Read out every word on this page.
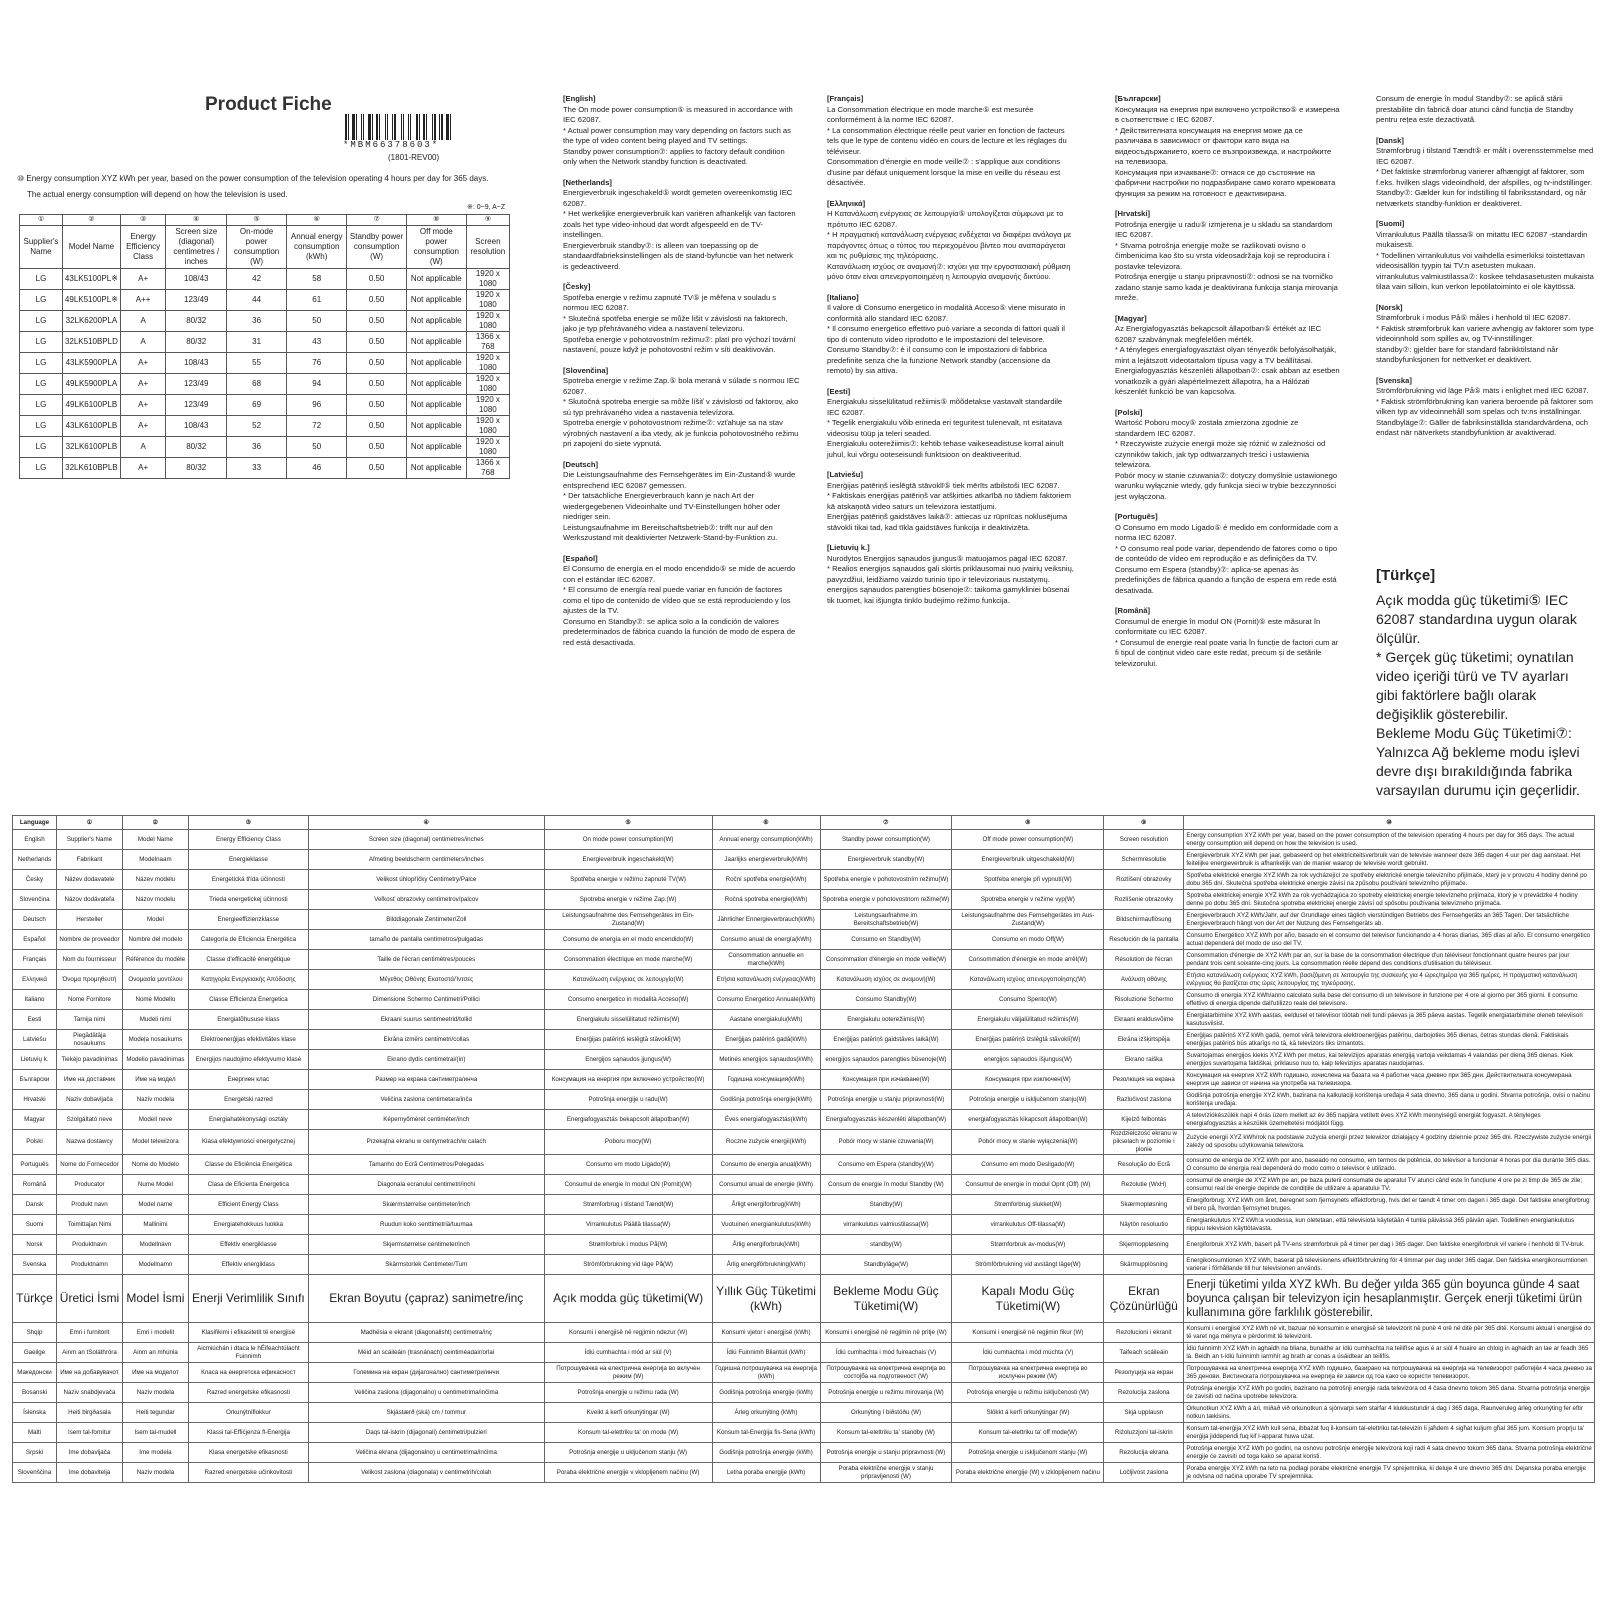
Product Fiche
*MBM66378603*
(1801-REV00)
⑩ Energy consumption XYZ kWh per year, based on the power consumption of the television operating 4 hours per day for 365 days.
The actual energy consumption will depend on how the television is used.
※: 0~9, A~Z
①	②	③	④	⑤	⑥	⑦	⑧	⑨
Supplier's Name	Model Name	Energy Efficiency Class	Screen size (diagonal) centimetres / inches	On-mode power consumption (W)	Annual energy consumption (kWh)	Standby power consumption (W)	Off mode power consumption (W)	Screen resolution
LG	43LK5100PL※	A+	108/43	42	58	0.50	Not applicable	1920 x 1080
LG	49LK5100PL※	A++	123/49	44	61	0.50	Not applicable	1920 x 1080
LG	32LK6200PLA	A	80/32	36	50	0.50	Not applicable	1920 x 1080
LG	32LK510BPLD	A	80/32	31	43	0.50	Not applicable	1366 x 768
LG	43LK5900PLA	A+	108/43	55	76	0.50	Not applicable	1920 x 1080
LG	49LK5900PLA	A+	123/49	68	94	0.50	Not applicable	1920 x 1080
LG	49LK6100PLB	A+	123/49	69	96	0.50	Not applicable	1920 x 1080
LG	43LK6100PLB	A+	108/43	52	72	0.50	Not applicable	1920 x 1080
LG	32LK6100PLB	A	80/32	36	50	0.50	Not applicable	1920 x 1080
LG	32LK610BPLB	A+	80/32	33	46	0.50	Not applicable	1366 x 768
[English]

The On mode power consumption⑤ is measured in accordance with IEC 62087.

* Actual power consumption may vary depending on factors such as the type of video content being played and TV settings.

Standby power consumption⑦: applies to factory default condition only when the Network standby function is deactivated.

[Netherlands]

Energieverbruik ingeschakeld⑤ wordt gemeten overeenkomstig IEC 62087.

* Het werkelijke energieverbruik kan variëren afhankelijk van factoren zoals het type video-inhoud dat wordt afgespeeld en de TV-instellingen.

Energieverbruik standby⑦: is alleen van toepassing op de standaardfabrieksinstellingen als de stand-byfunctie van het netwerk is gedeactiveerd.

[Česky]

Spotřeba energie v režimu zapnuté TV⑤ je měřena v souladu s normou IEC 62087.

* Skutečná spotřeba energie se může lišit v závislosti na faktorech, jako je typ přehrávaného videa a nastavení televizoru.

Spotřeba energie v pohotovostním režimu⑦: platí pro výchozí tovární nastavení, pouze když je pohotovostní režim v síti deaktivován.

[Slovenčina]

Spotreba energie v režime Zap.⑤ bola meraná v súlade s normou IEC 62087.

* Skutočná spotreba energie sa môže líšiť v závislosti od faktorov, ako sú typ prehrávaného videa a nastavenia televízora.

Spotreba energie v pohotovostnom režime⑦: vzťahuje sa na stav výrobných nastavení a iba vtedy, ak je funkcia pohotovostného režimu pri zapojení do siete vypnutá.

[Deutsch]

Die Leistungsaufnahme des Fernsehgerätes im Ein-Zustand⑤ wurde entsprechend IEC 62087 gemessen.

* Der tatsächliche Energieverbrauch kann je nach Art der wiedergegebenen Videoinhalte und TV-Einstellungen höher oder niedriger sein.

Leistungsaufnahme im Bereitschaftsbetrieb⑦: trifft nur auf den Werkszustand mit deaktivierter Netzwerk-Stand-by-Funktion zu.

[Español]

El Consumo de energía en el modo encendido⑤ se mide de acuerdo con el estándar IEC 62087.

* El consumo de energía real puede variar en función de factores como el tipo de contenido de vídeo que se está reproduciendo y los ajustes de la TV.

Consumo en Standby⑦: se aplica solo a la condición de valores predeterminados de fábrica cuando la función de modo de espera de red está desactivada.

[Français]

La Consommation électrique en mode marche⑤ est mesurée conformément à la norme IEC 62087.

* La consommation électrique réelle peut varier en fonction de facteurs tels que le type de contenu vidéo en cours de lecture et les réglages du téléviseur.

Consommation d'énergie en mode veille⑦ : s'applique aux conditions d'usine par défaut uniquement lorsque la mise en veille du réseau est désactivée.

[Ελληνικά]

Η Κατανάλωση ενέργειας σε λειτουργία⑤ υπολογίζεται σύμφωνα με το πρότυπο IEC 62087.

* Η πραγματική κατανάλωση ενέργειας ενδέχεται να διαφέρει ανάλογα με παράγοντες όπως ο τύπος του περιεχομένου βίντεο που αναπαράγεται και τις ρυθμίσεις της τηλεόρασης.

Κατανάλωση ισχύος σε αναμονή⑦: ισχύει για την εργοστασιακή ρύθμιση μόνο όταν είναι απενεργοποιημένη η λειτουργία αναμονής δικτύου.

[Italiano]

Il valore di Consumo energetico in modalità Acceso⑤ viene misurato in conformità allo standard IEC 62087.

* Il consumo energetico effettivo può variare a seconda di fattori quali il tipo di contenuto video riprodotto e le impostazioni del televisore.

Consumo Standby⑦: è il consumo con le impostazioni di fabbrica predefinite senza che la funzione Network standby (accensione da remoto) by sia attiva.

[Eesti]

Energiakulu sisselülitatud režiimis⑤ mõõdetakse vastavalt standardile IEC 62087.

* Tegelik energiakulu võib erineda eri teguritest tulenevalt, nt esitatava videosisu tüüp ja teleri seaded.

Energiakulu ooterežiimis⑦: kehtib tehase vaikeseadistuse korral ainult juhul, kui võrgu ooteseisundi funktsioon on deaktiveeritud.

[Latviešu]

Enerģijas patēriņš ieslēgtā stāvoklī⑤ tiek mērīts atbilstoši IEC 62087.

* Faktiskais enerģijas patēriņš var atšķirties atkarībā no tādiem faktoriem kā atskaņotā video saturs un televizora iestatījumi.

Enerģijas patēriņš gaidstāves laikā⑦: attiecas uz rūpnīcas noklusējuma stāvokli tikai tad, kad tīkla gaidstāves funkcija ir deaktivizēta.

[Lietuvių k.]

Nurodytos Energijos sąnaudos įjungus⑤ matuojamos pagal IEC 62087.

* Realios energijos sąnaudos gali skirtis priklausomai nuo įvairių veiksnių, pavyzdžiui, leidžiamo vaizdo turinio tipo ir televizoriaus nustatymų.

energijos sąnaudos parengties būsenoje⑦: taikoma gamykliniei būsenai tik tuomet, kai išjungta tinklo budėjimo režimo funkcija.

[Български]

Консумация на енергия при включено устройство⑤ е измерена в съответствие с IEC 62087.

* Действителната консумация на енергия може да се различава в зависимост от фактори като вида на видеосъдържанието, което се възпроизвежда, и настройките на телевизора.

Консумация при изчакване⑦: отнася се до състояние на фабрични настройки по подразбиране само когато мрежовата функция за режим на готовност е деактивирана.

[Hrvatski]

Potrošnja energije u radu⑤ izmjerena je u skladu sa standardom IEC 62087.

* Stvarna potrošnja energije može se razlikovati ovisno o čimbenicima kao što su vrsta videosadržaja koji se reproducira i postavke televizora.

Potrošnja energije u stanju pripravnosti⑦: odnosi se na tvorničko zadano stanje samo kada je deaktivirana funkcija stanja mirovanja mreže.

[Magyar]

Az Energiafogyasztás bekapcsolt állapotban⑤ értékét az IEC 62087 szabványnak megfelelően mérték.

* A tényleges energiafogyasztást olyan tényezők befolyásolhatják, mint a lejátszott videotartalom típusa vagy a TV beállításai.

Energiafogyasztás készenléti állapotban⑦: csak abban az esetben vonatkozik a gyári alapértelmezett állapotra, ha a Hálózati készenlét funkció be van kapcsolva.

[Polski]

Wartość Poboru mocy⑤ została zmierzona zgodnie ze standardem IEC 62087.

* Rzeczywiste zużycie energii może się różnić w zależności od czynników takich, jak typ odtwarzanych treści i ustawienia telewizora.

Pobór mocy w stanie czuwania⑦: dotyczy domyślnie ustawionego warunku wyłącznie wtedy, gdy funkcja sieci w trybie bezczynności jest wyłączona.

[Português]

O Consumo em modo Ligado⑤ é medido em conformidade com a norma IEC 62087.

* O consumo real pode variar, dependendo de fatores como o tipo de conteúdo de vídeo em reprodução e as definições da TV.

Consumo em Espera (standby)⑦: aplica-se apenas às predefinições de fábrica quando a função de espera em rede está desativada.

[Română]

Consumul de energie în modul ON (Pornit)⑤ este măsurat în conformitate cu IEC 62087.

* Consumul de energie real poate varia în funcție de factori cum ar fi tipul de conținut video care este redat, precum și de setările televizorului.

Consum de energie în modul Standby⑦: se aplică stării prestabilite din fabrică doar atunci când funcția de Standby pentru rețea este dezactivată.

[Dansk]

Strømforbrug i tilstand Tændt⑤ er målt i overensstemmelse med IEC 62087.

* Det faktiske strømforbrug varierer afhængigt af faktorer, som f.eks. hvilken slags videoindhold, der afspilles, og tv-indstillinger.

Standby⑦: Gælder kun for indstilling til fabriksstandard, og når netværkets standby-funktion er deaktiveret.

[Suomi]

Virrankulutus Päällä tilassa⑤ on mitattu IEC 62087 -standardin mukaisesti.

* Todellinen virrankulutus voi vaihdella esimerkiksi toistettavan videosisällön tyypin tai TV:n asetusten mukaan.

virrankulutus valmiustilassa⑦: koskee tehdasasetusten mukaista tilaa vain silloin, kun verkon lepotilatoiminto ei ole käytössä.

[Norsk]

Strømforbruk i modus På⑤ måles i henhold til IEC 62087.

* Faktisk strømforbruk kan variere avhengig av faktorer som type videoinnhold som spilles av, og TV-innstillinger.

standby⑦: gjelder bare for standard fabrikktilstand når standbyfunksjonen for nettverket er deaktivert.

[Svenska]

Strömförbrukning vid läge På⑤ mäts i enlighet med IEC 62087.

* Faktisk strömförbrukning kan variera beroende på faktorer som vilken typ av videoinnehåll som spelas och tv:ns inställningar.

Standbyläge⑦: Gäller de fabriksinställda standardvärdena, och endast när nätverkets standbyfunktion är avaktiverad.

[Türkçe]

Açık modda güç tüketimi⑤ IEC 62087 standardına uygun olarak ölçülür.

* Gerçek güç tüketimi; oynatılan video içeriği türü ve TV ayarları gibi faktörlere bağlı olarak değişiklik gösterebilir.

Bekleme Modu Güç Tüketimi⑦: Yalnızca Ağ bekleme modu işlevi devre dışı bırakıldığında fabrika varsayılan durumu için geçerlidir.

Language	①	②	③	④	⑤	⑥	⑦	⑧	⑨	⑩
English	Supplier's Name	Model Name	Energy Efficiency Class	Screen size (diagonal) centimetres/inches	On mode power consumption(W)	Annual energy consumption(kWh)	Standby power consumption(W)	Off mode power consumption(W)	Screen resolution	Energy consumption XYZ kWh per year, based on the power consumption of the television operating 4 hours per day for 365 days. The actual energy consumption will depend on how the television is used.
Netherlands	Fabrikant	Modelnaam	Energieklasse	Afmeting beeldscherm centimeters/inches	Energieverbruik ingeschakeld(W)	Jaarlijks energieverbruik(kWh)	Energieverbruik standby(W)	Energieverbruik uitgeschakeld(W)	Schermresolutie	Energieverbruik XYZ kWh per jaar, gebaseerd op het elektriciteitsverbruik van de televisie wanneer deze 365 dagen 4 uur per dag aanstaat. Het feitelijke energieverbruik is afhankelijk van de manier waarop de televisie wordt gebruikt.
Česky	Název dodavatele	Název modelu	Energetická třída účinnosti	Velikost úhlopříčky Centimetry/Palce	Spotřeba energie v režimu zapnuté TV(W)	Roční spotřeba energie(kWh)	Spotřeba energie v pohotovostním režimu(W)	Spotřeba energie při vypnutí(W)	Rozlišení obrazovky	Spotřeba elektrické energie XYZ kWh za rok vycházející ze spotřeby elektrické energie televizního přijímače, který je v provozu 4 hodiny denně po dobu 365 dní. Skutečná spotřeba elektrické energie závisí na způsobu používání televizního přijímače.
Slovenčina	Názov dodávateľa	Názov modelu	Trieda energetickej účinnosti	Veľkosť obrazovky centimetrov/palcov	Spotreba energie v režime Zap.(W)	Ročná spotreba energie(kWh)	Spotreba energie v pohotovostnom režime(W)	Spotreba energie v režime vyp(W)	Rozlíšenie obrazovky	Spotreba elektrickej energie XYZ kWh za rok vychádzajúca zo spotreby elektrickej energie televízneho prijímača, ktorý je v prevádzke 4 hodiny denne po dobu 365 dní. Skutočná spotreba elektrickej energie závisí od spôsobu používania televízneho prijímača.
Deutsch	Hersteller	Model	Energieeffizienzklasse	Bilddiagonale Zentimeter/Zoll	Leistungsaufnahme des Fernsehgerätes im Ein-Zustand(W)	Jährlicher Ennergieverbrauch(kWh)	Leistungsaufnahme im Bereitschaftsbetrieb(W)	Leistungsaufnahme des Fernsehgerätes im Aus-Zustand(W)	Bildschirmauflösung	Energieverbrauch XYZ kWh/Jahr, auf der Grundlage eines täglich vierstündigen Betriebs des Fernsehgeräts an 365 Tagen. Der tatsächliche Energieverbrauch hängt von der Art der Nutzung des Fernsehgeräts ab.
Español	Nombre de proveedor	Nombre del modelo	Categoría de Eficiencia Energética	tamaño de pantalla centímetros/pulgadas	Consumo de energía en el modo encendido(W)	Consumo anual de energía(kWh)	Consumo en Standby(W)	Consumo en modo Off(W)	Resolución de la pantalla	Consumo Energético XYZ kWh por año, basado en el consumo del televisor funcionando a 4 horas diarias, 365 días al año. El consumo energético actual dependerá del modo de uso del TV.
Français	Nom du fournisseur	Référence du modèle	Classe d'efficacité énergétique	Taille de l'écran centimètres/pouces	Consommation électrique en mode marche(W)	Consommation annuelle en marche(kWh)	Consommation d'énergie en mode veille(W)	Consommation d'énergie en mode arrêt(W)	Résolution de l'écran	Consommation d'énergie de XYZ kWh par an, sur la base de la consommation électrique d'un téléviseur fonctionnant quatre heures par jour pendant trois cent soixante-cinq jours. La consommation réelle dépend des conditions d'utilisation du téléviseur.
Ελληνικά	Όνομα προμηθευτή	Ονομασία μοντέλου	Κατηγορία Ενεργειακής Απόδοσης	Μέγεθος Οθόνης Εκατοστά/Ίντσες	Κατανάλωση ενέργειας σε λειτουργία(W)	Ετήσια κατανάλωση ενέργειας(kWh)	Κατανάλωση ισχύος σε αναμονή(W)	Κατανάλωση ισχύος απενεργοποίησης(W)	Ανάλυση οθόνης	Ετήσια κατανάλωση ενέργειας XYZ kWh, βασιζόμενη σε λειτουργία της συσκευής για 4 ώρες/ημέρα για 365 ημέρες. Η πραγματική κατανάλωση ενέργειας θα βασίζεται στις ώρες λειτουργίας της τηλεόρασης.
Italiano	Nome Fornitore	Nome Modello	Classe Efficienza Energetica	Dimensione Schermo Centimetri/Pollici	Consumo energetico in modalità Acceso(W)	Consumo Energetico Annuale(kWh)	Consumo Standby(W)	Consumo Spento(W)	Risoluzione Schermo	Consumo di energia XYZ kWh/anno calcolato sulla base del consumo di un televisore in funzione per 4 ore al giorno per 365 giorni. Il consumo effettivo di energia dipende dall'utilizzo reale del televisore.
Eesti	Tarnija nimi	Mudeli nimi	Energiatõhususe klass	Ekraani suurus sentimeetrid/tollid	Energiakulu sisselülitatud režiimis(W)	Aastane energiakulu(kWh)	Energiakulu ooterežiimis(W)	Energiakulu väljalülitatud režiimis(W)	Ekraani eraldusvõime	Energiatarbimine XYZ kWh aastas, eeldusel et televiisor töötab neli tundi päevas ja 365 päeva aastas. Tegelik energiatarbimine oleneb televiisori kasutusviisist.
Latviešu	Piegādātāja nosaukums	Modeļa nosaukums	Elektroenerģijas efektivitātes klase	Ekrāna izmērs centimetri/collas	Enerģijas patēriņš ieslēgtā stāvoklī(W)	Enerģijas patēriņš gadā(kWh)	Enerģijas patēriņš gaidstāves laikā(W)	Enerģijas patēriņš izslēgtā stāvoklī(W)	Ekrāna izšķirtspēja	Enerģijas patēriņš XYZ kWh gadā, ņemot vērā televizora elektroenerģijas patēriņu, darbojoties 365 dienas, četras stundas dienā. Faktiskais enerģijas patēriņš būs atkarīgs no tā, kā televizors tiks izmantots.
Lietuvių k.	Tiekėjo pavadinimas	Modelio pavadinimas	Energijos naudojimo efektyvumo klasė	Ekrano dydis centimetrai/(in)	Energijos sąnaudos įjungus(W)	Metinės energijos sąnaudos(kWh)	energijos sąnaudos parengties būsenoje(W)	energijos sąnaudos išjungus(W)	Ekrano raiška	Suvartojamas energijos kiekis XYZ kWh per metus, kai televizijos aparatas energiją vartoja veikdamas 4 valandas per dieną 365 dienas. Kiek energijos suvartojama faktiškai, priklauso nuo to, kaip televizijos aparatas naudojamas.
Български	Име на доставчик	Име на модел	Енергиен клас	Размер на екрана сантиметра/инча	Консумация на енергия при включено устройство(W)	Годишна консумация(kWh)	Консумация при изчакване(W)	Консумация при изключен(W)	Резолюция на екрана	Консумация на енергия XYZ kWh годишно, изчислена на базата на 4 работни часа дневно при 365 дни. Действителната консумирана енергия ще зависи от начина на употреба на телевизора.
Hrvatski	Naziv dobavljača	Naziv modela	Energetski razred	Veličina zaslona centimetara/inča	Potrošnja energije u radu(W)	Godišnja potrošnja energije(kWh)	Potrošnja energije u stanju pripravnosti(W)	Potrošnja energije u isključenom stanju(W)	Razlučivost zaslona	Godišnja potrošnja energije XYZ kWh, bazirana na kalkulaciji korištenja uređaja 4 sata dnevno, 365 dana u godini. Stvarna potrošnja, ovisi o načinu korištenja uređaja.
Magyar	Szolgáltató neve	Modell neve	Energiahatékonysági osztály	Képernyőméret centiméter/inch	Energiafogyasztás bekapcsolt állapotban(W)	Éves energiafogyasztás(kWh)	Energiafogyasztás készenléti állapotban(W)	energiafogyasztás kikapcsolt állapotban(W)	Kijelző felbontás	A televíziókészülék napi 4 órás üzem mellett az év 365 napjára vetített éves XYZ kWh mennyiségű energiát fogyaszt. A tényleges energiafogyasztás a készülék üzemeltetési módjától függ.
Polski	Nazwa dostawcy	Model telewizora	Klasa efektywności energetycznej	Przekątna ekranu w centymetrach/w calach	Poboru mocy(W)	Roczne zużycie energii(kWh)	Pobór mocy w stanie czuwania(W)	Pobór mocy w stanie wyłączenia(W)	Rozdzielczość ekranu w pikselach w poziomie i pionie	Zużycie energii XYZ kWh/rok na podstawie zużycia energii przez telewizor działający 4 godziny dziennie przez 365 dni. Rzeczywiste zużycie energii zależy od sposobu użytkowania telewizora.
Português	Nome do Fornecedor	Nome do Modelo	Classe de Eficiência Energética	Tamanho do Ecrã Centímetros/Polegadas	Consumo em modo Ligado(W)	Consumo de energia anual(kWh)	Consumo em Espera (standby)(W)	Consumo em modo Desligado(W)	Resolução do Ecrã	consumo de energia de XYZ kWh por ano, baseado no consumo, em termos de potência, do televisor a funcionar 4 horas por dia durante 365 dias. O consumo de energia real dependerá do modo como o televisor é utilizado.
Română	Producator	Nume Model	Clasa de Eficienta Energetica	Diagonala ecranului centimetri/inchi	Consumul de energie în modul ON (Pornit)(W)	Consumul anual de energie (kWh)	Consum de energie în modul Standby (W)	Consumul de energie în modul Oprit (Off) (W)	Rezolutie (WxH)	consumul de energie de XYZ kWh pe an, pe baza puterii consumate de aparatul TV atunci când este în funcțiune 4 ore pe zi timp de 365 de zile; consumul real de energie depinde de condițiile de utilizare a aparatului TV.
Dansk	Produkt navn	Model name	Efficient Energy Class	Skærmstørrelse centimeter/inch	Strømforbrug i tilstand Tændt(W)	Årligt energiforbrug(kWh)	Standby(W)	Strømforbrug slukket(W)	Skærmopløsning	Energiforbrug: XYZ kWh om året, beregnet som fjernsynets effektforbrug, hvis det er tændt 4 timer om dagen i 365 dage. Det faktiske energiforbrug vil bero på, hvordan fjernsynet bruges.
Suomi	Toimittajan Nimi	Mallinimi	Energiatehokkuus luokka	Ruudun koko senttimetriä/tuumaa	Virrankulutus Päällä tilassa(W)	Vuotuinen energiankulutus(kWh)	virrankulutus valmiustilassa(W)	virrankulutus Off-tilassa(W)	Näytön resoluutio	Energiankulutus XYZ kWh:a vuodessa, kun oletetaan, että televisiota käytetään 4 tuntia päivässä 365 päivän ajan. Todellinen energiankulutus riippuu television käyttötavasta.
Norsk	Produktnavn	Modellnavn	Effektiv energiklasse	Skjermstørrelse centimeter/inch	Strømforbruk i modus På(W)	Årlig energiforbruk(kWh)	standby(W)	Strømforbruk av-modus(W)	Skjermoppløsning	Energiforbruk XYZ kWh, basert på TV-ens strømforbruk på 4 timer per dag i 365 dager. Den faktiske energiforbruk vil variere i henhold til TV-bruk.
Svenska	Produktnamn	Modellnamn	Effektiv energiklass	Skärmstorlek Centimeter/Tum	Strömförbrukning vid läge På(W)	Årlig energiförbrukning(kWh)	Standbyläge(W)	Strömförbrukning vid avstängt läge(W)	Skärmupplösning	Energikonsumtionen XYZ kWh, baserat på televisionens effektförbrukning för 4 timmar per dag under 365 dagar. Den faktiska energikonsumtionen varierar i förhållande till hur televisionen används.
Türkçe	Üretici İsmi	Model İsmi	Enerji Verimlilik Sınıfı	Ekran Boyutu (çapraz) sanimetre/inç	Açık modda güç tüketimi(W)	Yıllık Güç Tüketimi (kWh)	Bekleme Modu Güç Tüketimi(W)	Kapalı Modu Güç Tüketimi(W)	Ekran Çözünürlüğü	Enerji tüketimi yılda XYZ kWh. Bu değer yılda 365 gün boyunca günde 4 saat boyunca çalışan bir televizyon için hesaplanmıştır. Gerçek enerji tüketimi ürün kullanımına göre farklılık gösterebilir.
Shqip	Emri i furnitorit	Emri i modelit	Klasifikimi i efikasitetit të energjisë	Madhësia e ekranit (diagonalisht) centimetra/inç	Konsumi i energjisë në regjimin ndezur (W)	Konsumi vjetor i energjisë (kWh)	Konsumi i energjisë në regjimin në pritje (W)	Konsumi i energjisë në regjimin fikur (W)	Rezolucioni i ekranit	Konsumi i energjisë XYZ kWh në vit, bazuar në konsumin e energjisë së televizorit në punë 4 orë në ditë për 365 ditë. Konsumi aktual i energjisë do të varet nga mënyra e përdorimit të televizorit.
Gaeilge	Ainm an tSoláthróra	Ainm an mhúnla	Aicmiúchán i dtaca le hÉifeachtúlacht Fuinnimh	Méid an scáileáin (trasnánach) ceintiméadair/orlaí	Ídiú cumhachta i mód ar siúl (V)	Ídiú Fuinnimh Bliantúil (kWh)	Ídiú cumhachta i mód fuireachais (V)	Ídiú cumhachta i mód múchta (V)	Taifeach scáileáin	Ídiú fuinnimh XYZ kWh in aghaidh na bliana, bunaithe ar ídiú cumhachta na teilifíse agus é ar siúl 4 huaire an chloig in aghaidh an lae ar feadh 365 lá. Beidh an t-ídiú fuinnimh iarmhír ag brath ar conas a úsáidtear an teilifís.
Македонски	Име на добавувачот	Име на моделот	Класа на енергетска ефикасност	Големина на екран (дијагонално) сантиметри/инчи	Потрошувачка на електрична енергија во вклучен режим (W)	Годишна потрошувачка на енергија (kWh)	Потрошувачка на електрична енергија во состојба на подготвеност (W)	Потрошувачка на електрична енергија во исклучен режим (W)	Резолуција на екран	Потрошувачка на електрична енергија XYZ kWh годишно, базирано на потрошувачка на енергија на телевизорот работејќи 4 часа дневно за 365 денови. Вистинската потрошувачка на енергија ќе зависи од тоа како се користи телевизорот.
Bosanski	Naziv snabdjevača	Naziv modela	Razred energetske efikasnosti	Veličina zaslona (dijagonalno) u centimetrima/inčima	Potrošnja energije u režimu rada (W)	Godišnja potrošnja energije (kWh)	Potrošnja energije u režimu mirovanja (W)	Potrošnja energije u režimu isključenosti (W)	Rezolucija zaslona	Potrošnja energije XYZ kWh po godini, bazirano na potrošnji energije rada televizora od 4 časa dnevno tokom 365 dana. Stvarna potrošnja energije će zavisiti od načina upotrebe televizora.
Íslenska	Heiti birgðasala	Heiti tegundar	Orkunýtniflokkur	Skjástærð (ská) cm / tommur	Kveikt á kerfi orkunýtingar (W)	Árleg orkunýting (kWh)	Orkunýting í biðstöðu (W)	Slökkt á kerfi orkunýtingar (W)	Skjá upplausn	Orkunotkun XYZ kWh á ári, miðað við orkunotkun á sjónvarpi sem starfar 4 klukkustundir á dag í 365 daga. Raunveruleg árleg orkunýting fer eftir notkun tækisins.
Malti	Isem tal-fornitur	Isem tal-mudell	Klassi tal-Effiċjenza fl-Enerġija	Daqs tal-iskrin (dijagonali) ċentimetri/pulzieri	Konsum tal-elettriku ta' on mode (W)	Konsum tal-Enerġija fis-Sena (kWh)	Konsum tal-elettriku ta' standby (W)	Konsum tal-elettriku ta' off mode(W)	Riżoluzzjoni tal-iskrin	Konsum tal-enerġija XYZ kWh kull sena, ibbażat fuq il-konsum tal-elettriku tat-televiżin li jaħdem 4 sigħat kuljum għal 365 jum. Konsum proprju ta' enerġija jiddependi fuq kif l-apparat huwa użat.
Srpski	Ime dobavljača	Ime modela	Klasa energetske efikasnosti	Veličina ekrana (dijagonalno) u centimetrima/inčima	Potrošnja energije u uključenom stanju (W)	Godišnja potrošnja energije (kWh)	Potrošnja energije u stanju pripravnosti (W)	Potrošnja energije u isključenom stanju (W)	Rezolucija ekrana	Potrošnja energije XYZ kWh po godini, na osnovu potrošnje energije televizora koji radi 4 sata dnevno tokom 365 dana. Stvarna potrošnja električne energije će zavisiti od toga kako se aparat koristi.
Slovenščina	Ime dobavitelja	Naziv modela	Razred energetske učinkovitosti	Velikost zaslona (diagonala) v centimetrih/colah	Poraba električne energije v vklopljenem načinu (W)	Letna poraba energije (kWh)	Poraba električne energije v stanju pripravljenosti (W)	Poraba električne energije (W) v izklopljenem načinu	Ločljivost zaslona	Poraba energije XYZ kWh na leto na podlagi porabe električne energije TV sprejemnika, ki deluje 4 ure dnevno 365 dni. Dejanska poraba energije je odvisna od načina uporabe TV sprejemnika.
